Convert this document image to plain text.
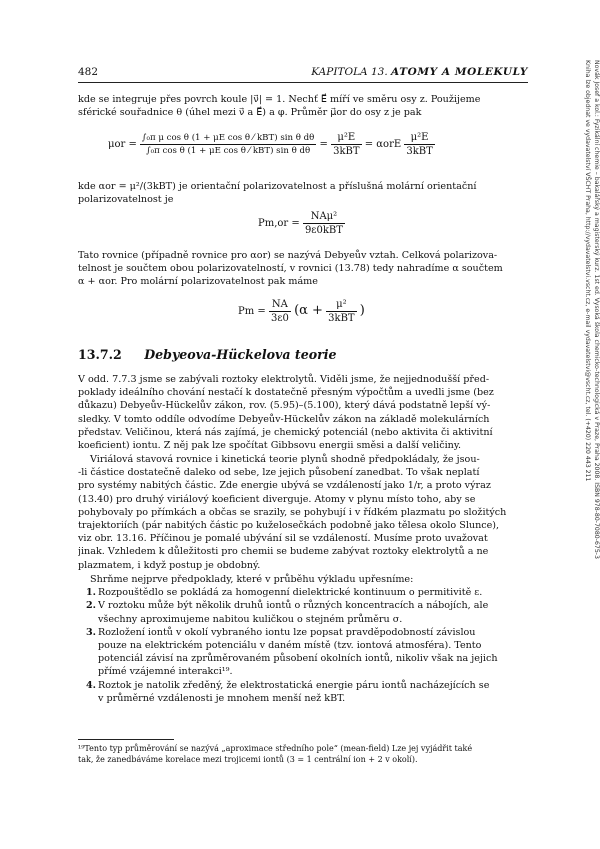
482	KAPITOLA 13. ATOMY A MOLEKULY
kde se integruje přes povrch koule |ν⃗| = 1. Nechť E⃗ míří ve směru osy z. Použijeme
sférické souřadnice θ (úhel mezi ν⃗ a E⃗) a φ. Průměr μ⃗or do osy z je pak
$\mu or = \frac{\text{∫₀π μ cos θ (1 + μE cos θ ⁄ kBT) sin θ dθ}}{\text{∫₀π cos θ (1 + μE cos θ ⁄ kBT) sin θ dθ}} = \frac{\text{μ²E}}{\text{3kBT}} = \alpha orE \frac{\text{μ²E}}{\text{3kBT}}$
kde αor = μ²/(3kBT) je orientační polarizovatelnost a příslušná molární orientační
polarizovatelnost je
$Pm,or = \frac{\text{NAμ²}}{\text{9ε0kBT}}$
Tato rovnice (případně rovnice pro αor) se nazývá Debyeův vztah. Celková polarizova-
telnost je součtem obou polarizovatelností, v rovnici (13.78) tedy nahradíme α součtem
α + αor. Pro molární polarizovatelnost pak máme
$Pm = \frac{NA}{3\varepsilon 0} (\alpha + \frac{\text{μ²}}{\text{3kBT}}$ )
13.7.2 Debyeova-Hückelova teorie
V odd. 7.7.3 jsme se zabývali roztoky elektrolytů. Viděli jsme, že nejjednodušší před-
poklady ideálního chování nestačí k dostatečně přesným výpočtům a uvedli jsme (bez
důkazu) Debyeův-Hückelův zákon, rov. (5.95)–(5.100), který dává podstatně lepší vý-
sledky. V tomto oddíle odvodíme Debyeův-Hückelův zákon na základě molekulárních
představ. Veličinou, která nás zajímá, je chemický potenciál (nebo aktivita či aktivitní
koeficient) iontu. Z něj pak lze spočítat Gibbsovu energii směsi a další veličiny.
Viriálová stavová rovnice i kinetická teorie plynů shodně předpokládaly, že jsou-
-li částice dostatečně daleko od sebe, lze jejich působení zanedbat. To však neplatí
pro systémy nabitých částic. Zde energie ubývá se vzdáleností jako 1/r, a proto výraz
(13.40) pro druhý viriálový koeficient diverguje. Atomy v plynu místo toho, aby se
pohybovaly po přímkách a občas se srazily, se pohybují i v řídkém plazmatu po složitých
trajektoriích (pár nabitých částic po kuželosečkách podobně jako tělesa okolo Slunce),
viz obr. 13.16. Příčinou je pomalé ubývání sil se vzdáleností. Musíme proto uvažovat
jinak. Vzhledem k důležitosti pro chemii se budeme zabývat roztoky elektrolytů a ne
plazmatem, i když postup je obdobný.
Shrňme nejprve předpoklady, které v průběhu výkladu upřesníme:
1. Rozpouštědlo se pokládá za homogenní dielektrické kontinuum o permitivitě ε.
2. V roztoku může být několik druhů iontů o různých koncentracích a nábojích, ale
všechny aproximujeme nabitou kuličkou o stejném průměru σ.
3. Rozložení iontů v okolí vybraného iontu lze popsat pravděpodobností závislou
pouze na elektrickém potenciálu v daném místě (tzv. iontová atmosféra). Tento
potenciál závisí na zprůměrovaném působení okolních iontů, nikoliv však na jejich
přímé vzájemné interakci¹⁹.
4. Roztok je natolik zředěný, že elektrostatická energie páru iontů nacházejících se
v průměrné vzdálenosti je mnohem menší než kBT.
¹⁹Tento typ průměrování se nazývá „aproximace středního pole“ (mean-field) Lze jej vyjádřit také
tak, že zanedbáváme korelace mezi trojicemi iontů (3 = 1 centrální ion + 2 v okolí).
Novák Josef a kol.: Fyzikální chemie – bakalářský a magisterský kurz. 1st ed. Vysoká škola chemicko-technologická v Praze, Praha 2008. ISBN 978-80-7080-675-3
Kniha lze objednat ve vydavatelství VŠCHT Praha, http://vydavatelstvi.vscht.cz, e-mail vydavatelstvi@vscht.cz, tel. (+420) 220 443 211
